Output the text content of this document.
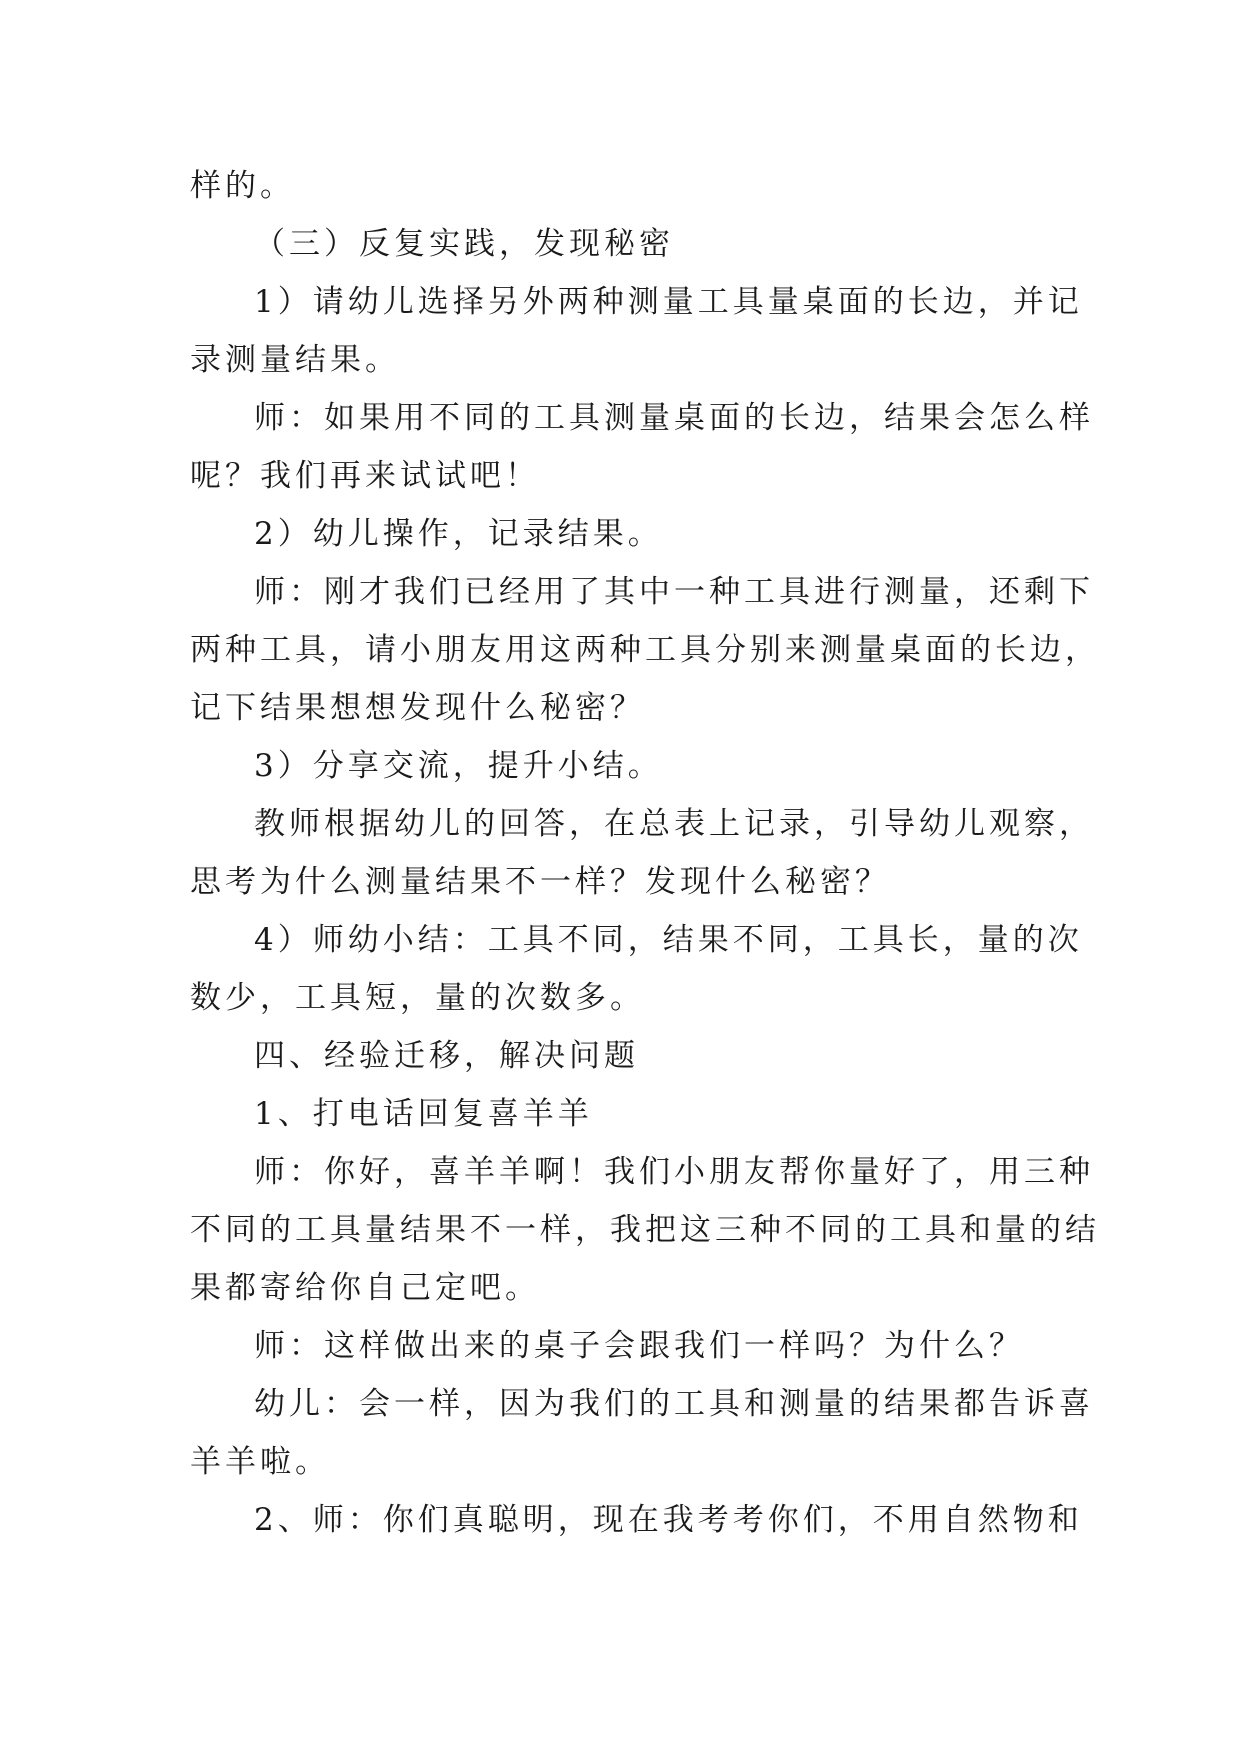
样的。

（三）反复实践，发现秘密

1）请幼儿选择另外两种测量工具量桌面的长边，并记
录测量结果。

师：如果用不同的工具测量桌面的长边，结果会怎么样
呢？我们再来试试吧！

2）幼儿操作，记录结果。

师：刚才我们已经用了其中一种工具进行测量，还剩下
两种工具，请小朋友用这两种工具分别来测量桌面的长边，
记下结果想想发现什么秘密？

3）分享交流，提升小结。

教师根据幼儿的回答，在总表上记录，引导幼儿观察，
思考为什么测量结果不一样？发现什么秘密？

4）师幼小结：工具不同，结果不同，工具长，量的次
数少，工具短，量的次数多。

四、经验迁移，解决问题

1、打电话回复喜羊羊

师：你好，喜羊羊啊！我们小朋友帮你量好了，用三种
不同的工具量结果不一样，我把这三种不同的工具和量的结
果都寄给你自己定吧。

师：这样做出来的桌子会跟我们一样吗？为什么？

幼儿：会一样，因为我们的工具和测量的结果都告诉喜
羊羊啦。

2、师：你们真聪明，现在我考考你们，不用自然物和
